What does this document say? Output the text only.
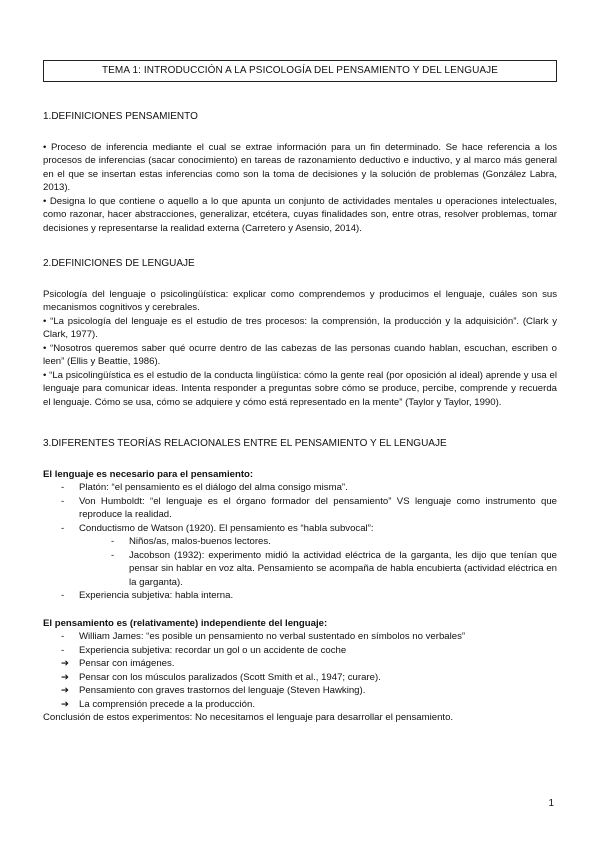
TEMA 1: INTRODUCCIÓN A LA PSICOLOGÍA DEL PENSAMIENTO Y DEL LENGUAJE
1.DEFINICIONES PENSAMIENTO

• Proceso de inferencia mediante el cual se extrae información para un fin determinado. Se hace referencia a los procesos de inferencias (sacar conocimiento) en tareas de razonamiento deductivo e inductivo, y al marco más general en el que se insertan estas inferencias como son la toma de decisiones y la solución de problemas (González Labra, 2013).

• Designa lo que contiene o aquello a lo que apunta un conjunto de actividades mentales u operaciones intelectuales, como razonar, hacer abstracciones, generalizar, etcétera, cuyas finalidades son, entre otras, resolver problemas, tomar decisiones y representarse la realidad externa (Carretero y Asensio, 2014).

2.DEFINICIONES DE LENGUAJE

Psicología del lenguaje o psicolingüística: explicar como comprendemos y producimos el lenguaje, cuáles son sus mecanismos cognitivos y cerebrales.

• “La psicología del lenguaje es el estudio de tres procesos: la comprensión, la producción y la adquisición”. (Clark y Clark, 1977).

• “Nosotros queremos saber qué ocurre dentro de las cabezas de las personas cuando hablan, escuchan, escriben o leen” (Ellis y Beattie, 1986).

• “La psicolingüística es el estudio de la conducta lingüística: cómo la gente real (por oposición al ideal) aprende y usa el lenguaje para comunicar ideas. Intenta responder a preguntas sobre cómo se produce, percibe, comprende y recuerda el lenguaje. Cómo se usa, cómo se adquiere y cómo está representado en la mente” (Taylor y Taylor, 1990).

3.DIFERENTES TEORÍAS RELACIONALES ENTRE EL PENSAMIENTO Y EL LENGUAJE

El lenguaje es necesario para el pensamiento:

- Platón: “el pensamiento es el diálogo del alma consigo misma”.
- Von Humboldt: “el lenguaje es el órgano formador del pensamiento” VS lenguaje como instrumento que reproduce la realidad.

- Conductismo de Watson (1920). El pensamiento es “habla subvocal”:
- Niños/as, malos-buenos lectores.
- Jacobson (1932): experimento midió la actividad eléctrica de la garganta, les dijo que tenían que pensar sin hablar en voz alta. Pensamiento se acompaña de habla encubierta (actividad eléctrica en la garganta).

- Experiencia subjetiva: habla interna.

El pensamiento es (relativamente) independiente del lenguaje:

- William James: “es posible un pensamiento no verbal sustentado en símbolos no verbales”
- Experiencia subjetiva: recordar un gol o un accidente de coche
➔ Pensar con imágenes.
➔ Pensar con los músculos paralizados (Scott Smith et al., 1947; curare).
➔ Pensamiento con graves trastornos del lenguaje (Steven Hawking).
➔ La comprensión precede a la producción.

Conclusión de estos experimentos: No necesitamos el lenguaje para desarrollar el pensamiento.

1
